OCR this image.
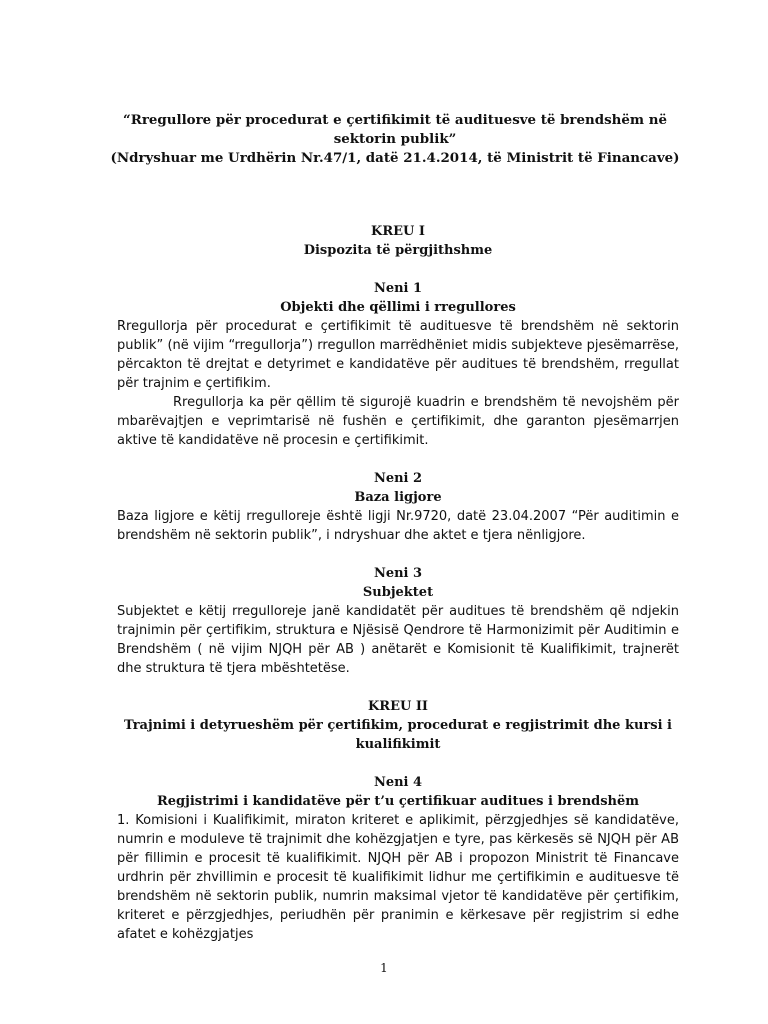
“Rregullore për procedurat e çertifikimit të audituesve të brendshëm në sektorin publik”

(Ndryshuar me Urdhërin Nr.47/1, datë 21.4.2014, të Ministrit të Financave)

KREU I

Dispozita të përgjithshme

Neni 1

Objekti dhe qëllimi i rregullores

Rregullorja për procedurat e çertifikimit të audituesve të brendshëm në sektorin publik” (në vijim “rregullorja”) rregullon marrëdhëniet midis subjekteve pjesëmarrëse, përcakton të drejtat e detyrimet e kandidatëve për auditues të brendshëm, rregullat për trajnim e çertifikim.

Rregullorja ka për qëllim të sigurojë kuadrin e brendshëm të nevojshëm për mbarëvajtjen e veprimtarisë në fushën e çertifikimit, dhe garanton pjesëmarrjen aktive të kandidatëve në procesin e çertifikimit.

Neni 2

Baza ligjore

Baza ligjore e këtij rregulloreje është ligji Nr.9720, datë 23.04.2007 “Për auditimin e brendshëm në sektorin publik”, i ndryshuar dhe aktet e tjera nënligjore.

Neni 3

Subjektet

Subjektet e këtij rregulloreje janë kandidatët për auditues të brendshëm që ndjekin trajnimin për çertifikim, struktura e Njësisë Qendrore të Harmonizimit për Auditimin e Brendshëm ( në vijim NJQH për AB ) anëtarët e Komisionit të Kualifikimit, trajnerët dhe struktura të tjera mbështetëse.

KREU II

Trajnimi i detyrueshëm për çertifikim, procedurat e regjistrimit dhe kursi i kualifikimit

Neni 4

Regjistrimi i kandidatëve për t’u çertifikuar auditues i brendshëm

1. Komisioni i Kualifikimit, miraton kriteret e aplikimit, përzgjedhjes së kandidatëve, numrin e moduleve të trajnimit dhe kohëzgjatjen e tyre, pas kërkesës së NJQH për AB për fillimin e procesit të kualifikimit. NJQH për AB i propozon Ministrit të Financave urdhrin për zhvillimin e procesit të kualifikimit lidhur me çertifikimin e audituesve të brendshëm në sektorin publik, numrin maksimal vjetor të kandidatëve për çertifikim, kriteret e përzgjedhjes, periudhën për pranimin e kërkesave për regjistrim si edhe afatet e kohëzgjatjes

1
